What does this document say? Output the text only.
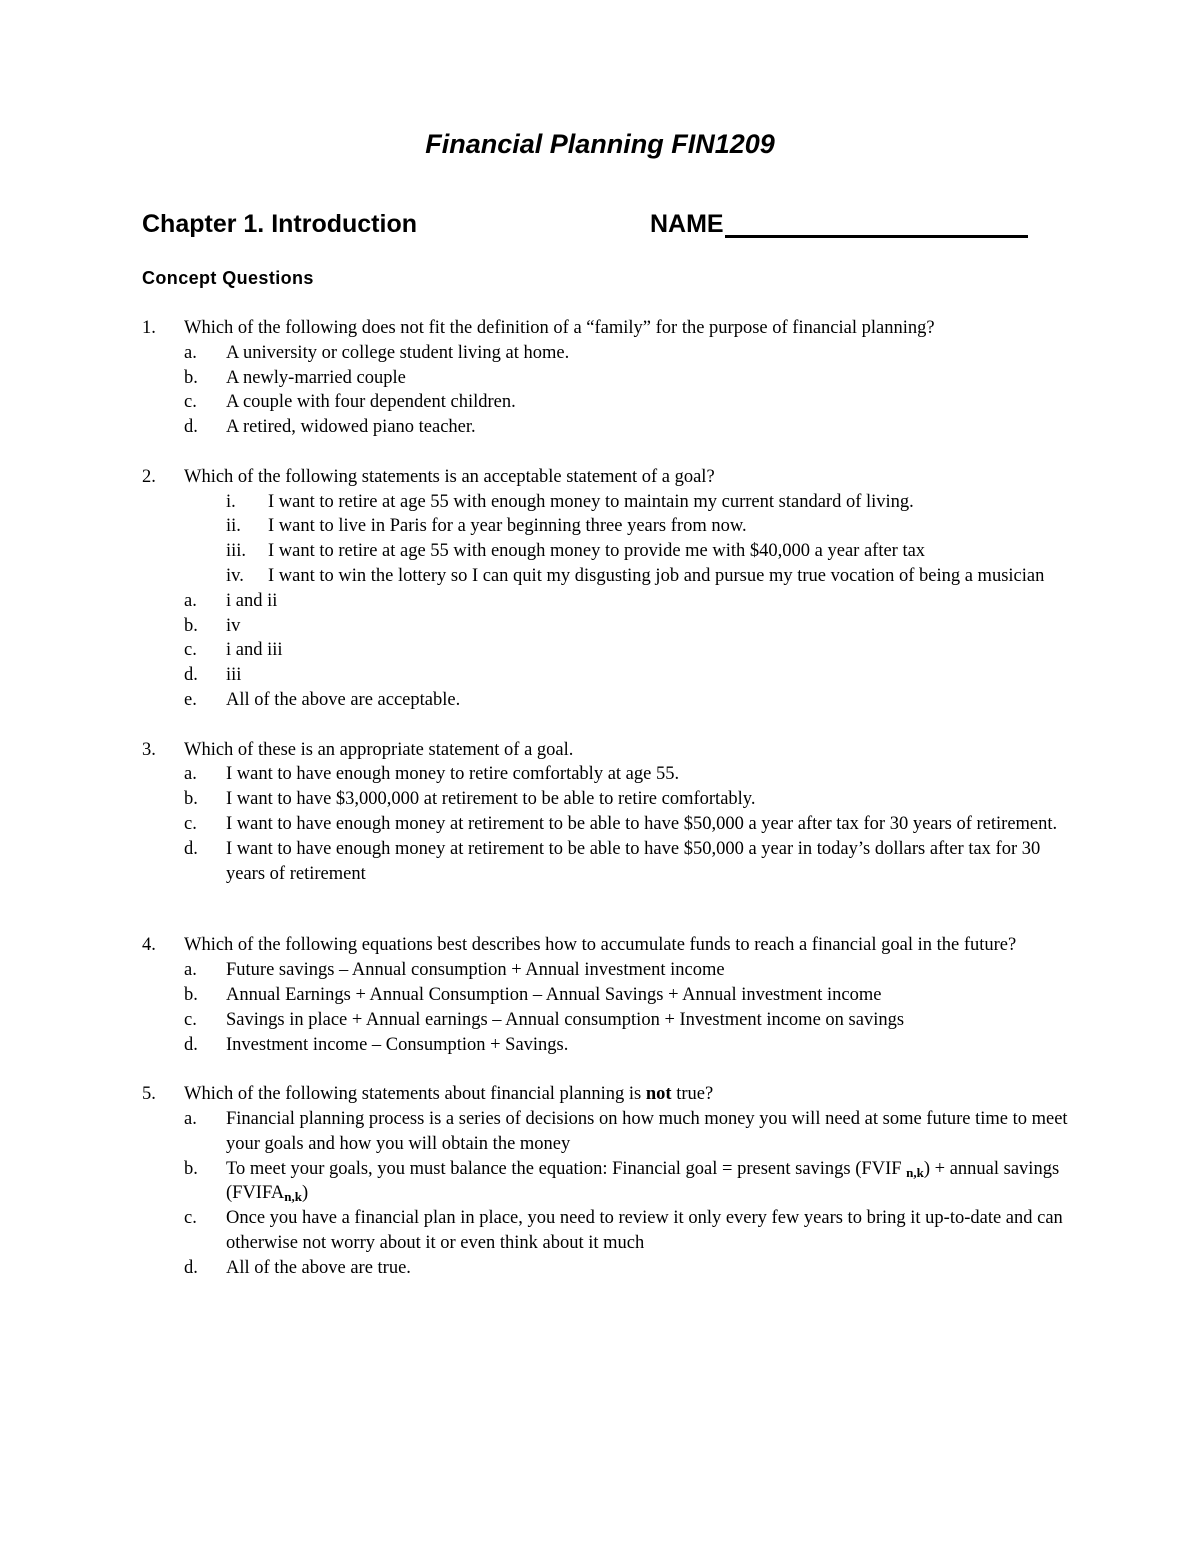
Financial Planning FIN1209
Chapter 1. Introduction	NAME
Concept Questions
1. Which of the following does not fit the definition of a “family” for the purpose of financial planning?
a. A university or college student living at home.
b. A newly-married couple
c. A couple with four dependent children.
d. A retired, widowed piano teacher.
2. Which of the following statements is an acceptable statement of a goal?
i. I want to retire at age 55 with enough money to maintain my current standard of living.
ii. I want to live in Paris for a year beginning three years from now.
iii. I want to retire at age 55 with enough money to provide me with $40,000 a year after tax
iv. I want to win the lottery so I can quit my disgusting job and pursue my true vocation of being a musician
a. i and ii
b. iv
c. i and iii
d. iii
e. All of the above are acceptable.
3. Which of these is an appropriate statement of a goal.
a. I want to have enough money to retire comfortably at age 55.
b. I want to have $3,000,000 at retirement to be able to retire comfortably.
c. I want to have enough money at retirement to be able to have $50,000 a year after tax for 30 years of retirement.
d. I want to have enough money at retirement to be able to have $50,000 a year in today’s dollars after tax for 30 years of retirement
4. Which of the following equations best describes how to accumulate funds to reach a financial goal in the future?
a. Future savings – Annual consumption + Annual investment income
b. Annual Earnings + Annual Consumption – Annual Savings + Annual investment income
c. Savings in place + Annual earnings – Annual consumption + Investment income on savings
d. Investment income – Consumption + Savings.
5. Which of the following statements about financial planning is not true?
a. Financial planning process is a series of decisions on how much money you will need at some future time to meet your goals and how you will obtain the money
b. To meet your goals, you must balance the equation: Financial goal = present savings (FVIF $_{n,k}$) + annual savings $(FVIFA_{n,k})$
c. Once you have a financial plan in place, you need to review it only every few years to bring it up-to-date and can otherwise not worry about it or even think about it much
d. All of the above are true.
